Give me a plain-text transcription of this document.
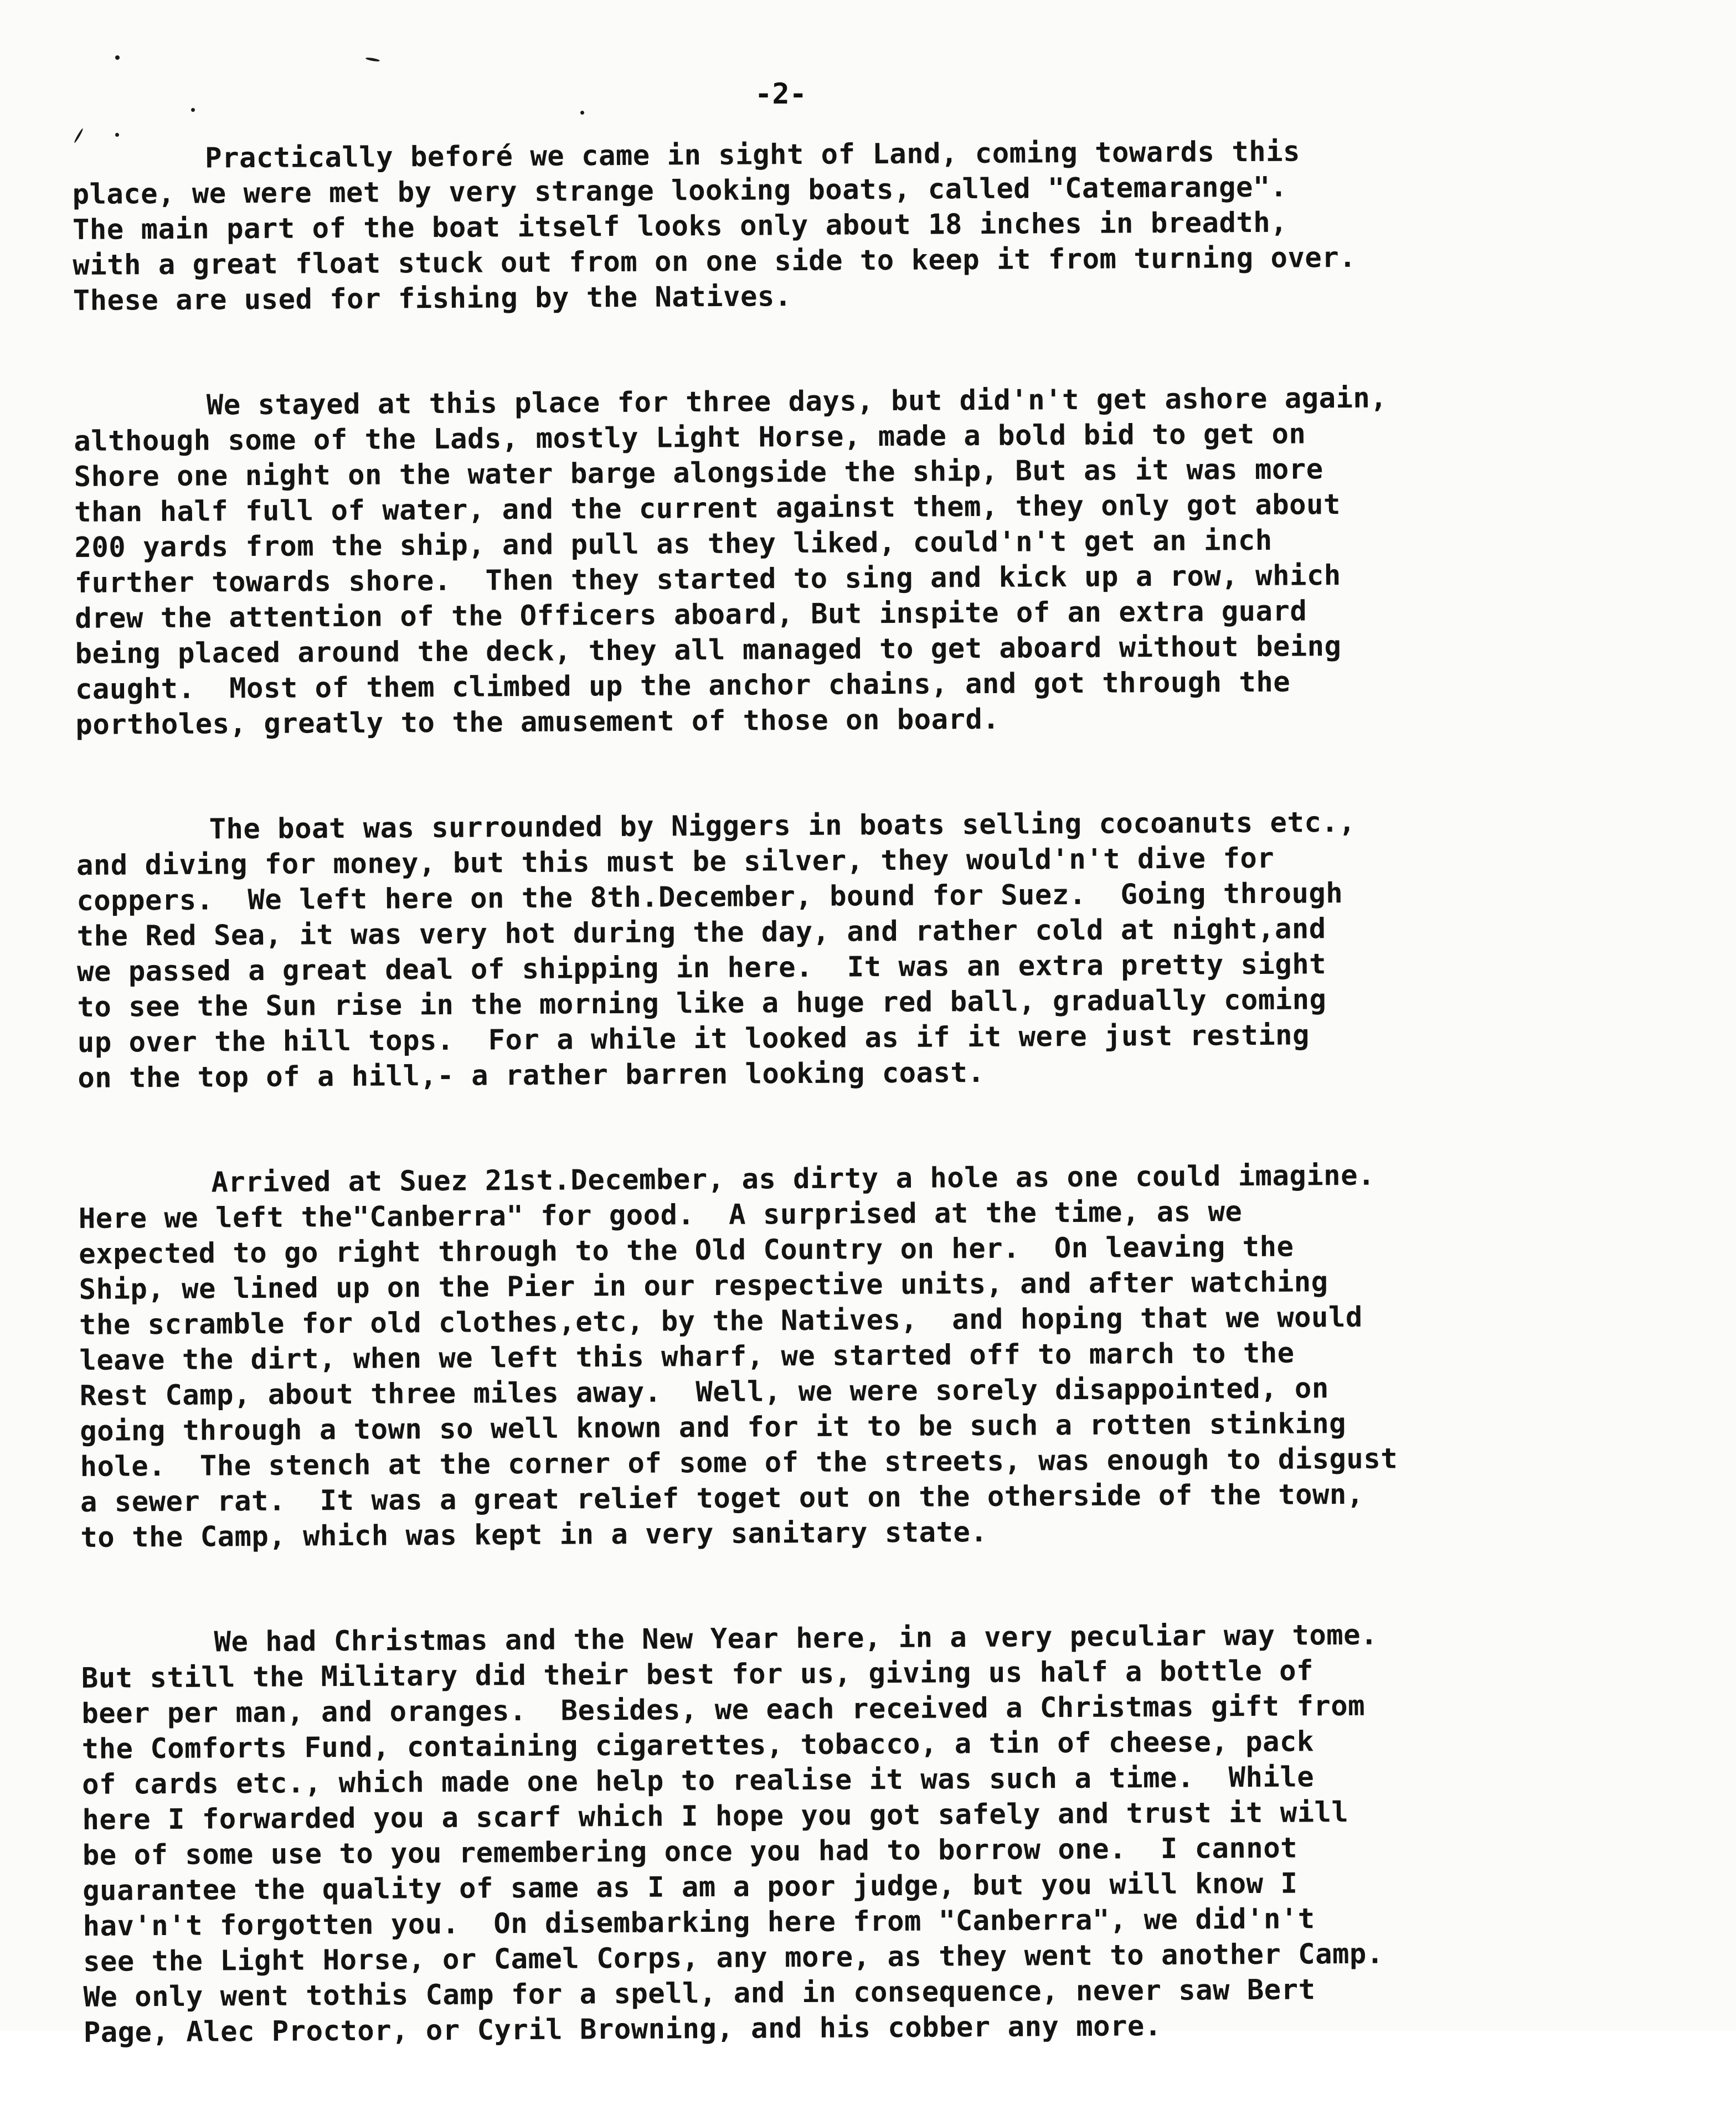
-2-
Practically beforé we came in sight of Land, coming towards this
place, we were met by very strange looking boats, called "Catemarange".
The main part of the boat itself looks only about 18 inches in breadth,
with a great float stuck out from on one side to keep it from turning over.
These are used for fishing by the Natives.
We stayed at this place for three days, but did'n't get ashore again,
although some of the Lads, mostly Light Horse, made a bold bid to get on
Shore one night on the water barge alongside the ship, But as it was more
than half full of water, and the current against them, they only got about
200 yards from the ship, and pull as they liked, could'n't get an inch
further towards shore.  Then they started to sing and kick up a row, which
drew the attention of the Officers aboard, But inspite of an extra guard
being placed around the deck, they all managed to get aboard without being
caught.  Most of them climbed up the anchor chains, and got through the
portholes, greatly to the amusement of those on board.
The boat was surrounded by Niggers in boats selling cocoanuts etc.,
and diving for money, but this must be silver, they would'n't dive for
coppers.  We left here on the 8th.December, bound for Suez.  Going through
the Red Sea, it was very hot during the day, and rather cold at night,and
we passed a great deal of shipping in here.  It was an extra pretty sight
to see the Sun rise in the morning like a huge red ball, gradually coming
up over the hill tops.  For a while it looked as if it were just resting
on the top of a hill,- a rather barren looking coast.
Arrived at Suez 21st.December, as dirty a hole as one could imagine.
Here we left the"Canberra" for good.  A surprised at the time, as we
expected to go right through to the Old Country on her.  On leaving the
Ship, we lined up on the Pier in our respective units, and after watching
the scramble for old clothes,etc, by the Natives,  and hoping that we would
leave the dirt, when we left this wharf, we started off to march to the
Rest Camp, about three miles away.  Well, we were sorely disappointed, on
going through a town so well known and for it to be such a rotten stinking
hole.  The stench at the corner of some of the streets, was enough to disgust
a sewer rat.  It was a great relief toget out on the otherside of the town,
to the Camp, which was kept in a very sanitary state.
We had Christmas and the New Year here, in a very peculiar way tome.
But still the Military did their best for us, giving us half a bottle of
beer per man, and oranges.  Besides, we each received a Christmas gift from
the Comforts Fund, containing cigarettes, tobacco, a tin of cheese, pack
of cards etc., which made one help to realise it was such a time.  While
here I forwarded you a scarf which I hope you got safely and trust it will
be of some use to you remembering once you had to borrow one.  I cannot
guarantee the quality of same as I am a poor judge, but you will know I
hav'n't forgotten you.  On disembarking here from "Canberra", we did'n't
see the Light Horse, or Camel Corps, any more, as they went to another Camp.
We only went tothis Camp for a spell, and in consequence, never saw Bert
Page, Alec Proctor, or Cyril Browning, and his cobber any more.
